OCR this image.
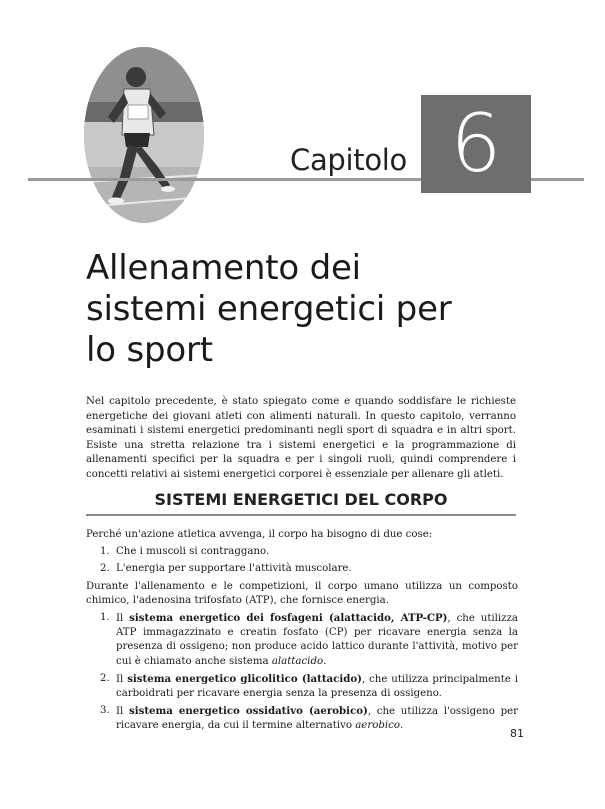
Capitolo 6
Allenamento dei
sistemi energetici per
lo sport

Nel capitolo precedente, è stato spiegato come e quando soddisfare le richieste energetiche dei giovani atleti con alimenti naturali. In questo capitolo, verranno esaminati i sistemi energetici predominanti negli sport di squadra e in altri sport. Esiste una stretta relazione tra i sistemi energetici e la programmazione di allenamenti specifici per la squadra e per i singoli ruoli, quindi comprendere i concetti relativi ai sistemi energetici corporei è essenziale per allenare gli atleti.

SISTEMI ENERGETICI DEL CORPO

Perché un'azione atletica avvenga, il corpo ha bisogno di due cose:

1. Che i muscoli si contraggano.
2. L'energia per supportare l'attività muscolare.

Durante l'allenamento e le competizioni, il corpo umano utilizza un composto chimico, l'adenosina trifosfato (ATP), che fornisce energia.

1. Il sistema energetico dei fosfageni (alattacido, ATP-CP), che utilizza ATP immagazzinato e creatin fosfato (CP) per ricavare energia senza la presenza di ossigeno; non produce acido lattico durante l'attività, motivo per cui è chiamato anche sistema alattacido.
2. Il sistema energetico glicolitico (lattacido), che utilizza principalmente i carboidrati per ricavare energia senza la presenza di ossigeno.
3. Il sistema energetico ossidativo (aerobico), che utilizza l'ossigeno per ricavare energia, da cui il termine alternativo aerobico.
81
